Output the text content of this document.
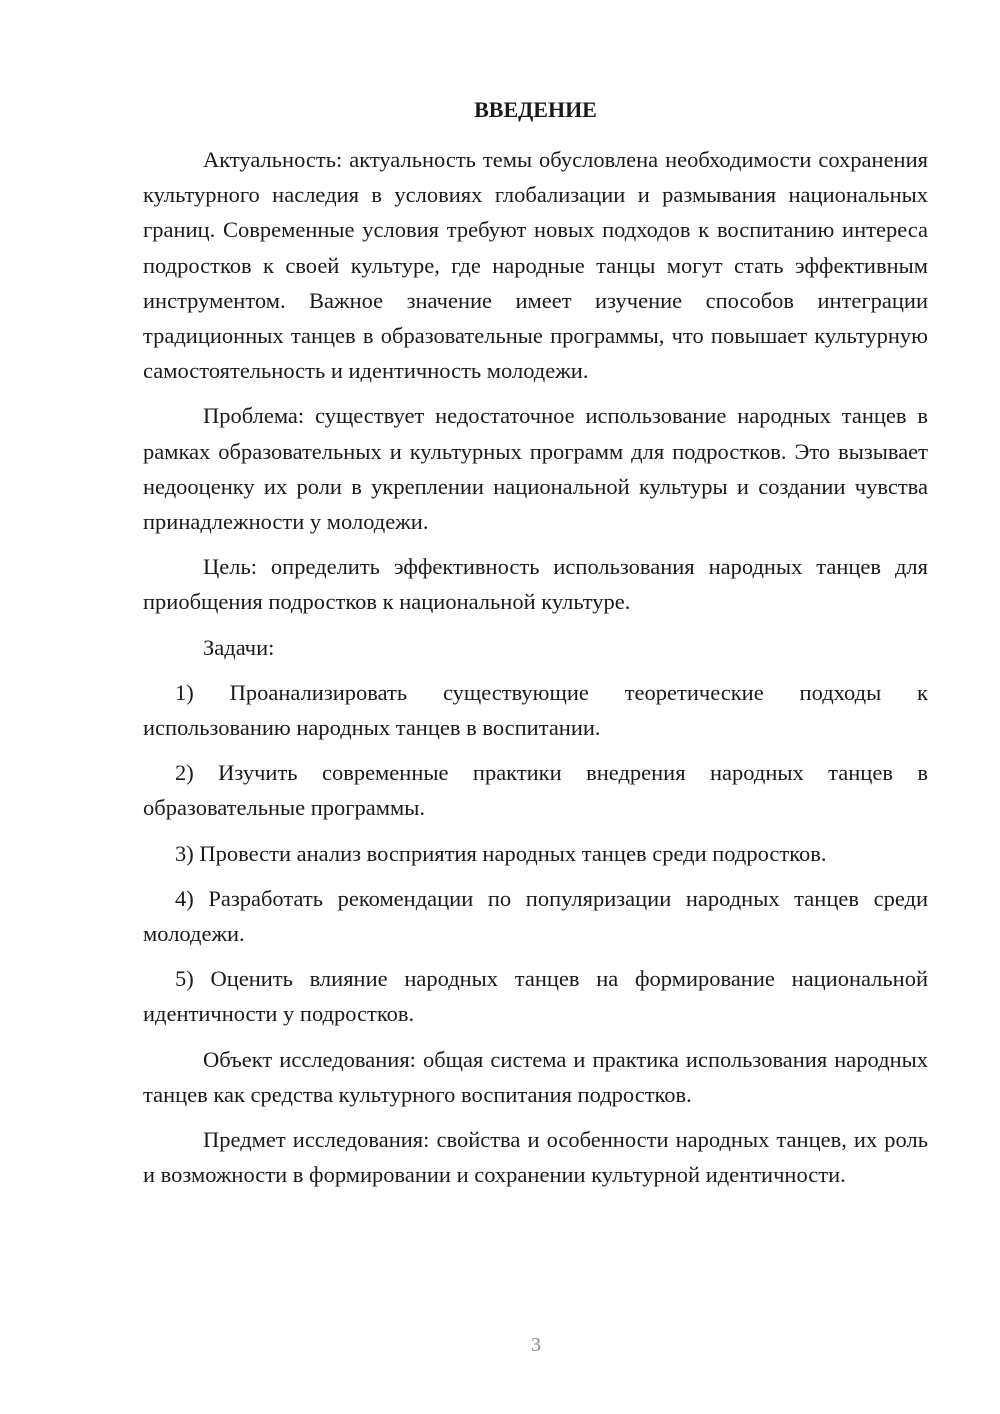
ВВЕДЕНИЕ

Актуальность: актуальность темы обусловлена необходимости сохранения культурного наследия в условиях глобализации и размывания национальных границ. Современные условия требуют новых подходов к воспитанию интереса подростков к своей культуре, где народные танцы могут стать эффективным инструментом. Важное значение имеет изучение способов интеграции традиционных танцев в образовательные программы, что повышает культурную самостоятельность и идентичность молодежи.

Проблема: существует недостаточное использование народных танцев в рамках образовательных и культурных программ для подростков. Это вызывает недооценку их роли в укреплении национальной культуры и создании чувства принадлежности у молодежи.

Цель: определить эффективность использования народных танцев для приобщения подростков к национальной культуре.

Задачи:

1) Проанализировать существующие теоретические подходы к использованию народных танцев в воспитании.

2) Изучить современные практики внедрения народных танцев в образовательные программы.

3) Провести анализ восприятия народных танцев среди подростков.

4) Разработать рекомендации по популяризации народных танцев среди молодежи.

5) Оценить влияние народных танцев на формирование национальной идентичности у подростков.

Объект исследования: общая система и практика использования народных танцев как средства культурного воспитания подростков.

Предмет исследования: свойства и особенности народных танцев, их роль и возможности в формировании и сохранении культурной идентичности.

3
